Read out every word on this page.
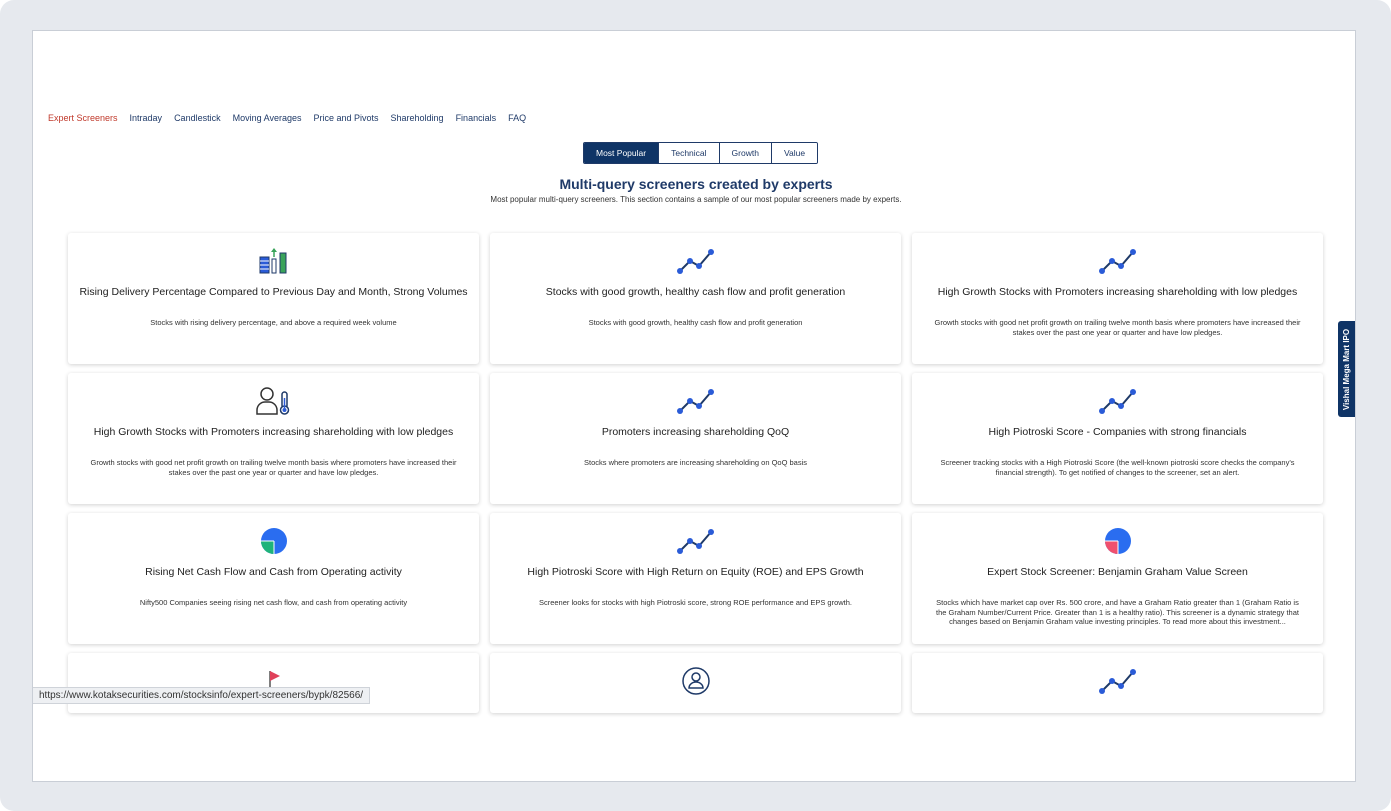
Expert Screeners Intraday Candlestick Moving Averages Price and Pivots Shareholding Financials FAQ
Most Popular	Technical	Growth	Value
Multi-query screeners created by experts
Most popular multi-query screeners. This section contains a sample of our most popular screeners made by experts.
Rising Delivery Percentage Compared to Previous Day and Month, Strong Volumes
Stocks with rising delivery percentage, and above a required week volume
Stocks with good growth, healthy cash flow and profit generation
Stocks with good growth, healthy cash flow and profit generation
High Growth Stocks with Promoters increasing shareholding with low pledges
Growth stocks with good net profit growth on trailing twelve month basis where promoters have increased their stakes over the past one year or quarter and have low pledges.
High Growth Stocks with Promoters increasing shareholding with low pledges
Growth stocks with good net profit growth on trailing twelve month basis where promoters have increased their stakes over the past one year or quarter and have low pledges.
Promoters increasing shareholding QoQ
Stocks where promoters are increasing shareholding on QoQ basis
High Piotroski Score - Companies with strong financials
Screener tracking stocks with a High Piotroski Score (the well-known piotroski score checks the company's financial strength). To get notified of changes to the screener, set an alert.
Rising Net Cash Flow and Cash from Operating activity
Nifty500 Companies seeing rising net cash flow, and cash from operating activity
High Piotroski Score with High Return on Equity (ROE) and EPS Growth
Screener looks for stocks with high Piotroski score, strong ROE performance and EPS growth.
Expert Stock Screener: Benjamin Graham Value Screen
Stocks which have market cap over Rs. 500 crore, and have a Graham Ratio greater than 1 (Graham Ratio is the Graham Number/Current Price. Greater than 1 is a healthy ratio). This screener is a dynamic strategy that changes based on Benjamin Graham value investing principles. To read more about this investment...
Vishal Mega Mart IPO
https://www.kotaksecurities.com/stocksinfo/expert-screeners/bypk/82566/
